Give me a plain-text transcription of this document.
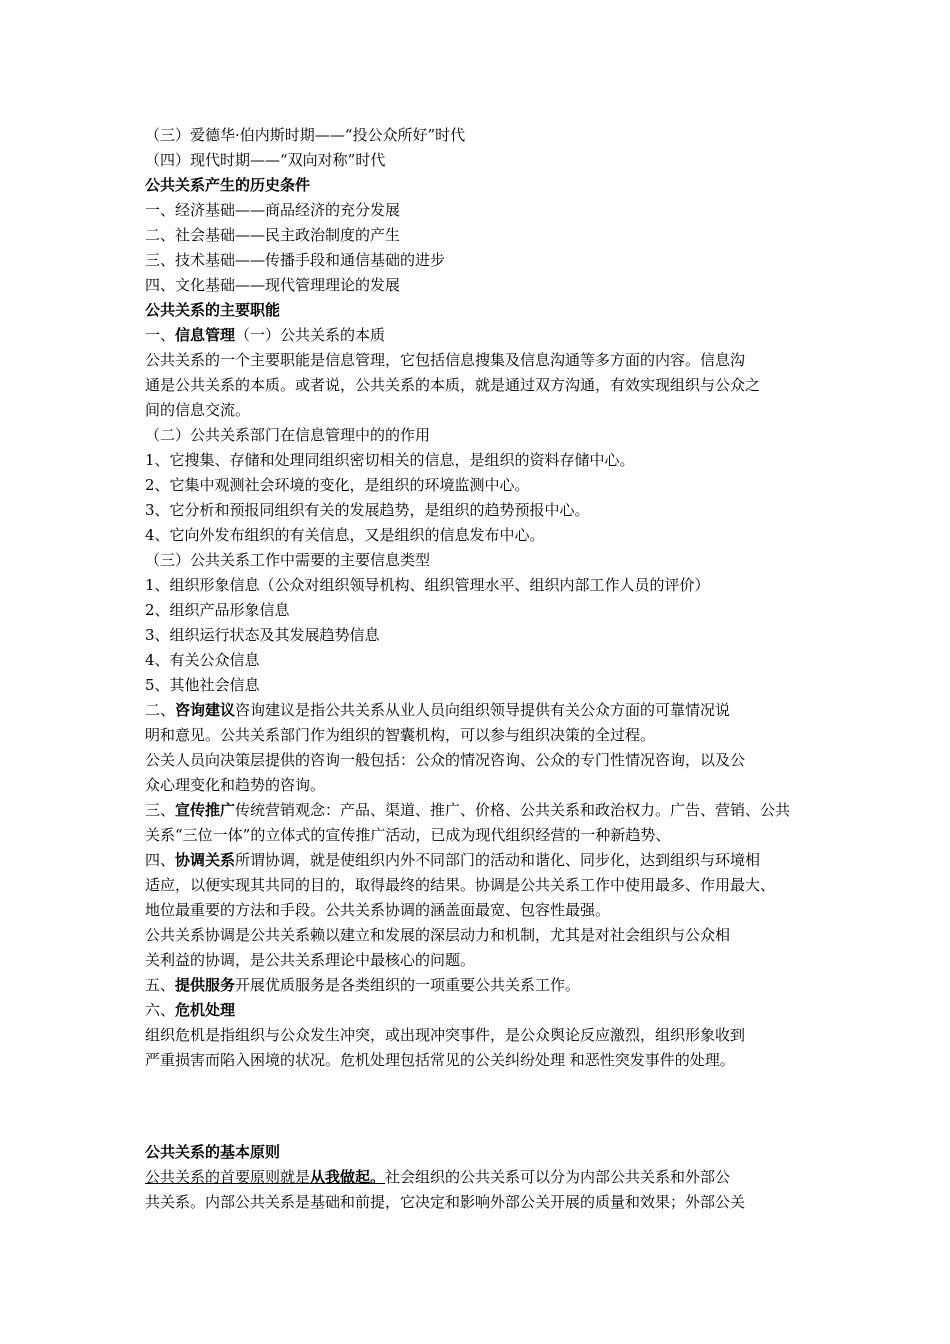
（三）爱德华·伯内斯时期——“投公众所好”时代
（四）现代时期——“双向对称”时代
公共关系产生的历史条件
一、经济基础——商品经济的充分发展
二、社会基础——民主政治制度的产生
三、技术基础——传播手段和通信基础的进步
四、文化基础——现代管理理论的发展
公共关系的主要职能
一、信息管理（一）公共关系的本质
公共关系的一个主要职能是信息管理，它包括信息搜集及信息沟通等多方面的内容。信息沟
通是公共关系的本质。或者说，公共关系的本质，就是通过双方沟通，有效实现组织与公众之
间的信息交流。
（二）公共关系部门在信息管理中的的作用
1、它搜集、存储和处理同组织密切相关的信息，是组织的资料存储中心。
2、它集中观测社会环境的变化，是组织的环境监测中心。
3、它分析和预报同组织有关的发展趋势，是组织的趋势预报中心。
4、它向外发布组织的有关信息，又是组织的信息发布中心。
（三）公共关系工作中需要的主要信息类型
1、组织形象信息（公众对组织领导机构、组织管理水平、组织内部工作人员的评价）
2、组织产品形象信息
3、组织运行状态及其发展趋势信息
4、有关公众信息
5、其他社会信息
二、咨询建议咨询建议是指公共关系从业人员向组织领导提供有关公众方面的可靠情况说
明和意见。公共关系部门作为组织的智囊机构，可以参与组织决策的全过程。
公关人员向决策层提供的咨询一般包括：公众的情况咨询、公众的专门性情况咨询，以及公
众心理变化和趋势的咨询。
三、宣传推广传统营销观念：产品、渠道、推广、价格、公共关系和政治权力。广告、营销、公共
关系“三位一体”的立体式的宣传推广活动，已成为现代组织经营的一种新趋势、
四、协调关系所谓协调，就是使组织内外不同部门的活动和谐化、同步化，达到组织与环境相
适应，以便实现其共同的目的，取得最终的结果。协调是公共关系工作中使用最多、作用最大、
地位最重要的方法和手段。公共关系协调的涵盖面最宽、包容性最强。
公共关系协调是公共关系赖以建立和发展的深层动力和机制，尤其是对社会组织与公众相
关利益的协调，是公共关系理论中最核心的问题。
五、提供服务开展优质服务是各类组织的一项重要公共关系工作。
六、危机处理
组织危机是指组织与公众发生冲突，或出现冲突事件，是公众舆论反应激烈，组织形象收到
严重损害而陷入困境的状况。危机处理包括常见的公关纠纷处理 和恶性突发事件的处理。
公共关系的基本原则
公共关系的首要原则就是从我做起。社会组织的公共关系可以分为内部公共关系和外部公
共关系。内部公共关系是基础和前提，它决定和影响外部公关开展的质量和效果；外部公关
